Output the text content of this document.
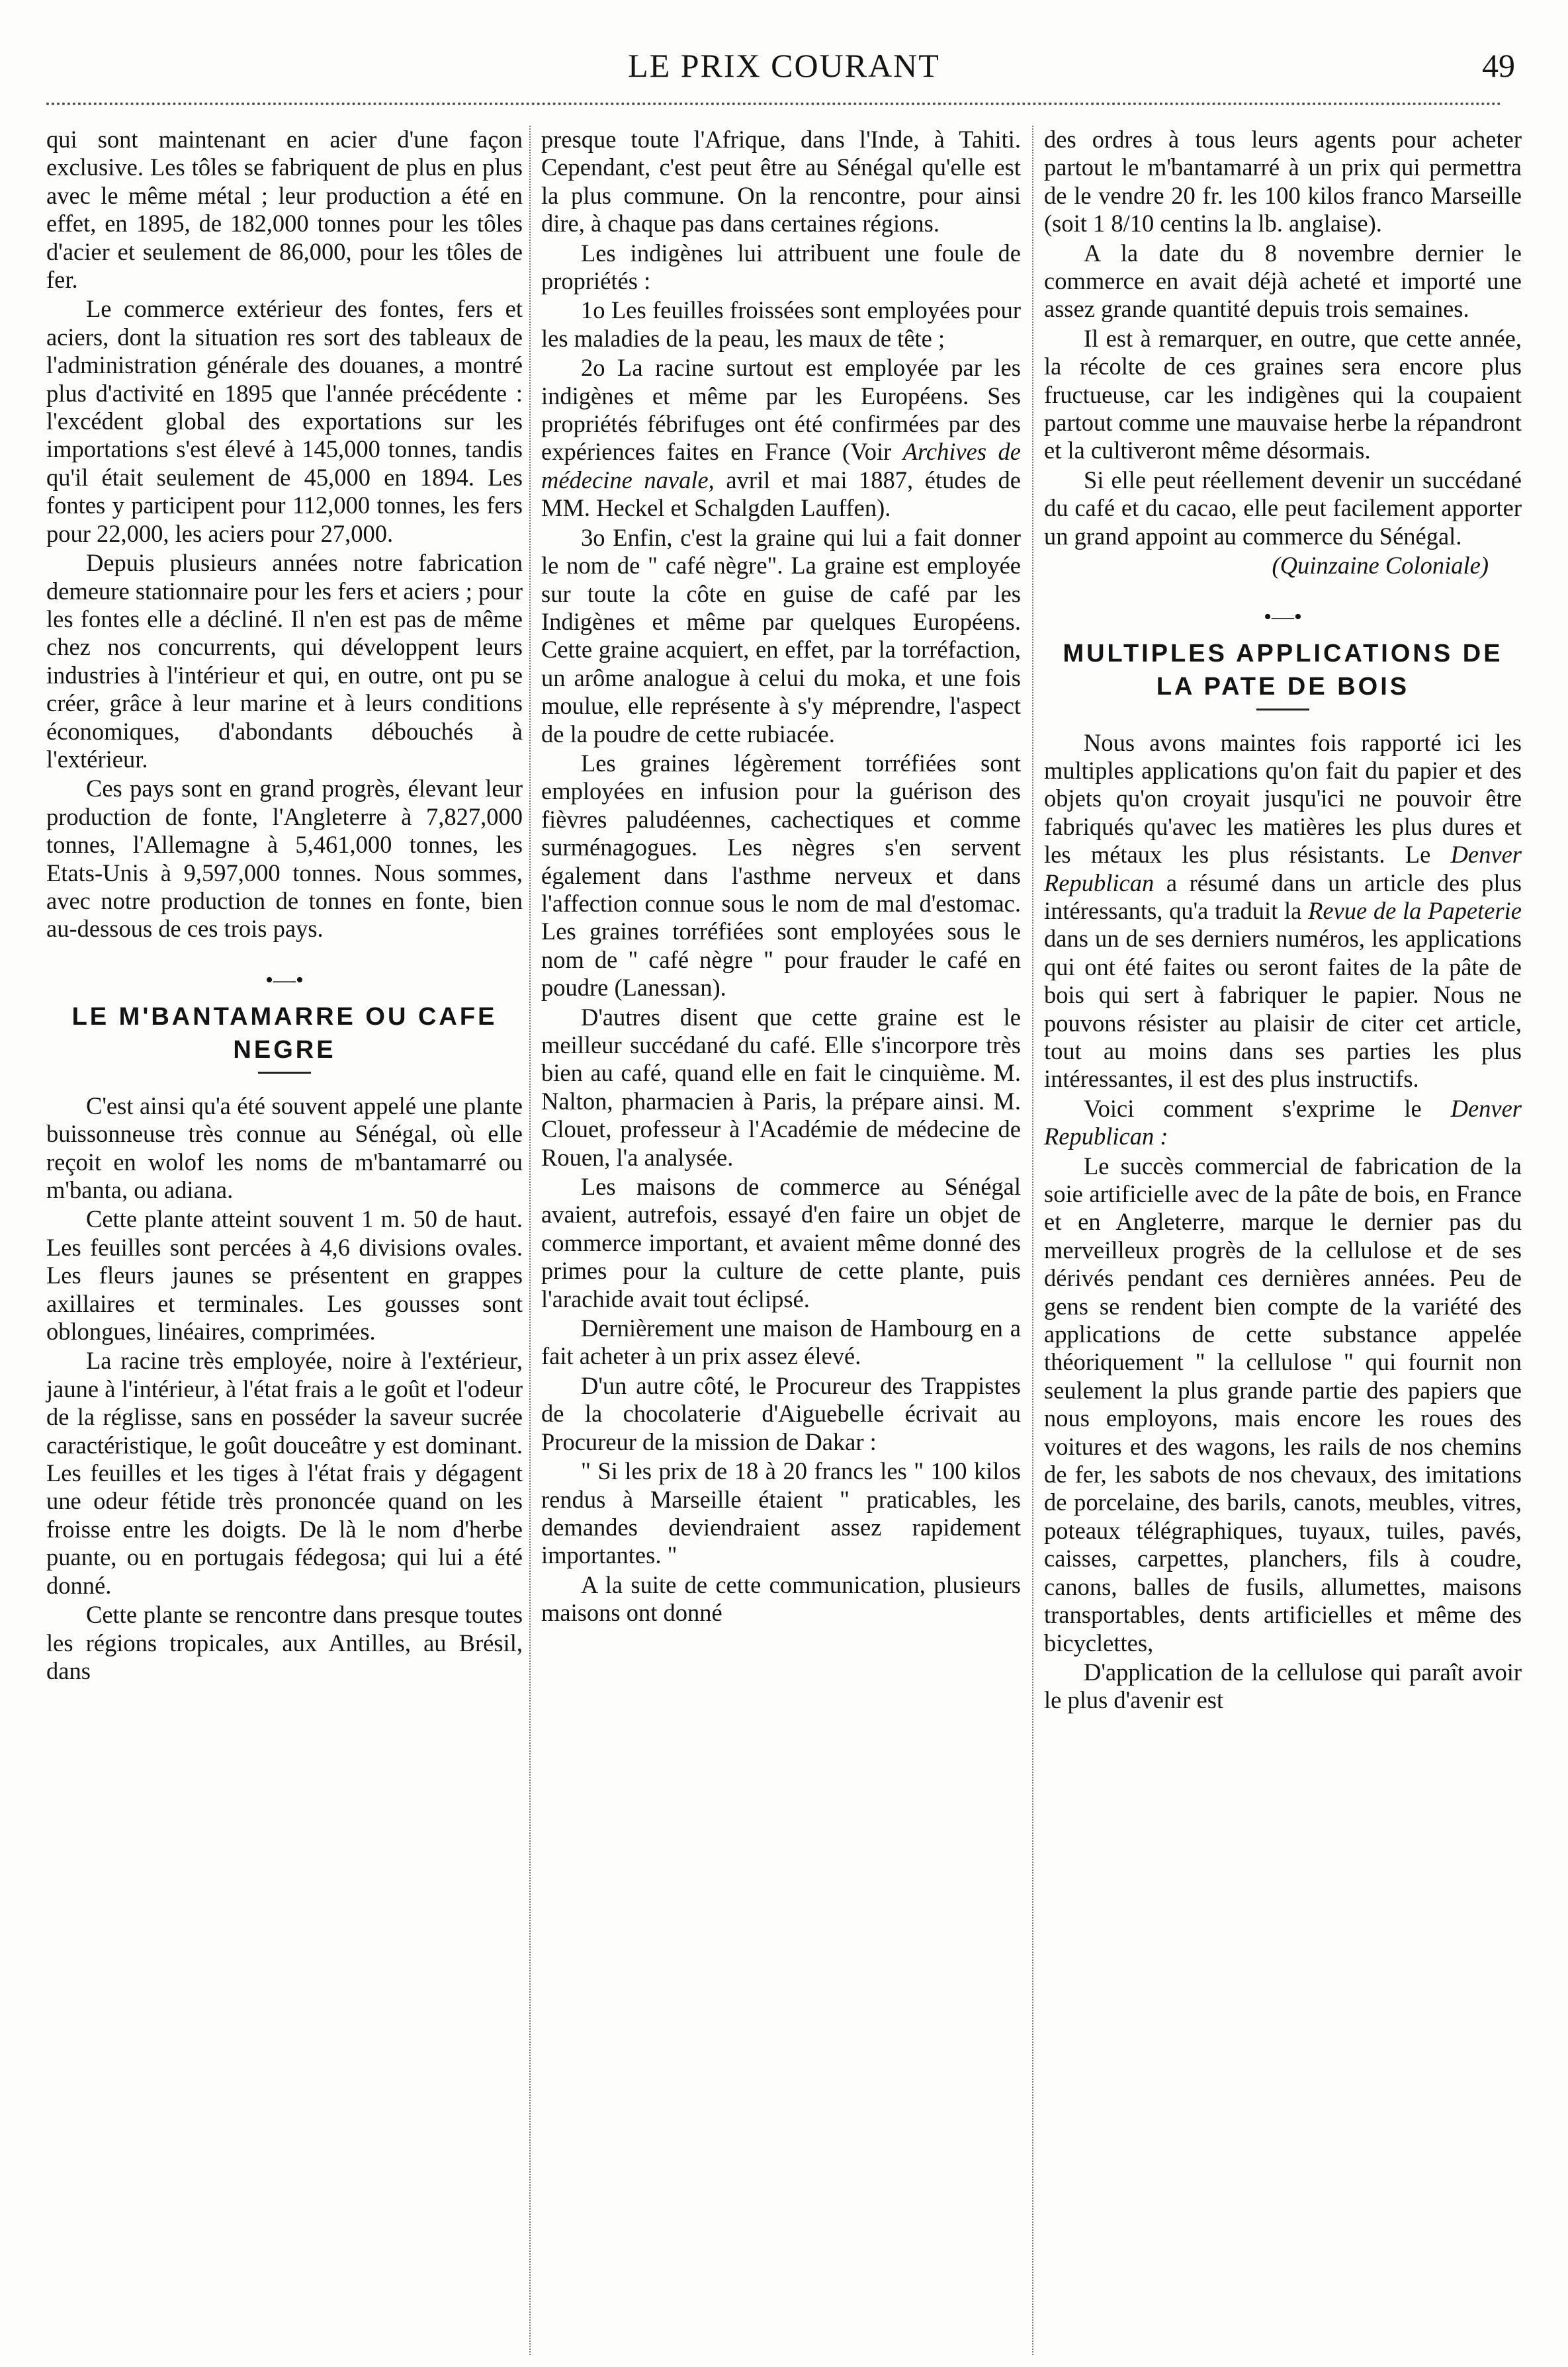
LE PRIX COURANT	49

qui sont maintenant en acier d'une façon exclusive. Les tôles se fabriquent de plus en plus avec le même métal ; leur production a été en effet, en 1895, de 182,000 tonnes pour les tôles d'acier et seulement de 86,000, pour les tôles de fer.

Le commerce extérieur des fontes, fers et aciers, dont la situation res sort des tableaux de l'administration générale des douanes, a montré plus d'activité en 1895 que l'année précédente : l'excédent global des exportations sur les importations s'est élevé à 145,000 tonnes, tandis qu'il était seulement de 45,000 en 1894. Les fontes y participent pour 112,000 tonnes, les fers pour 22,000, les aciers pour 27,000.

Depuis plusieurs années notre fabrication demeure stationnaire pour les fers et aciers ; pour les fontes elle a décliné. Il n'en est pas de même chez nos concurrents, qui développent leurs industries à l'intérieur et qui, en outre, ont pu se créer, grâce à leur marine et à leurs conditions économiques, d'abondants débouchés à l'extérieur.

Ces pays sont en grand progrès, élevant leur production de fonte, l'Angleterre à 7,827,000 tonnes, l'Allemagne à 5,461,000 tonnes, les Etats-Unis à 9,597,000 tonnes. Nous sommes, avec notre production de tonnes en fonte, bien au-dessous de ces trois pays.

•—•
LE M'BANTAMARRE OU CAFE NEGRE

C'est ainsi qu'a été souvent appelé une plante buissonneuse très connue au Sénégal, où elle reçoit en wolof les noms de m'bantamarré ou m'banta, ou adiana.

Cette plante atteint souvent 1 m. 50 de haut. Les feuilles sont percées à 4,6 divisions ovales. Les fleurs jaunes se présentent en grappes axillaires et terminales. Les gousses sont oblongues, linéaires, comprimées.

La racine très employée, noire à l'extérieur, jaune à l'intérieur, à l'état frais a le goût et l'odeur de la réglisse, sans en posséder la saveur sucrée caractéristique, le goût douceâtre y est dominant. Les feuilles et les tiges à l'état frais y dégagent une odeur fétide très prononcée quand on les froisse entre les doigts. De là le nom d'herbe puante, ou en portugais fédegosa; qui lui a été donné.

Cette plante se rencontre dans presque toutes les régions tropicales, aux Antilles, au Brésil, dans

presque toute l'Afrique, dans l'Inde, à Tahiti. Cependant, c'est peut être au Sénégal qu'elle est la plus commune. On la rencontre, pour ainsi dire, à chaque pas dans certaines régions.

Les indigènes lui attribuent une foule de propriétés :

1o Les feuilles froissées sont employées pour les maladies de la peau, les maux de tête ;

2o La racine surtout est employée par les indigènes et même par les Européens. Ses propriétés fébrifuges ont été confirmées par des expériences faites en France (Voir Archives de médecine navale, avril et mai 1887, études de MM. Heckel et Schalgden Lauffen).

3o Enfin, c'est la graine qui lui a fait donner le nom de " café nègre". La graine est employée sur toute la côte en guise de café par les Indigènes et même par quelques Européens. Cette graine acquiert, en effet, par la torréfaction, un arôme analogue à celui du moka, et une fois moulue, elle représente à s'y méprendre, l'aspect de la poudre de cette rubiacée.

Les graines légèrement torréfiées sont employées en infusion pour la guérison des fièvres paludéennes, cachectiques et comme surménagogues. Les nègres s'en servent également dans l'asthme nerveux et dans l'affection connue sous le nom de mal d'estomac. Les graines torréfiées sont employées sous le nom de " café nègre " pour frauder le café en poudre (Lanessan).

D'autres disent que cette graine est le meilleur succédané du café. Elle s'incorpore très bien au café, quand elle en fait le cinquième. M. Nalton, pharmacien à Paris, la prépare ainsi. M. Clouet, professeur à l'Académie de médecine de Rouen, l'a analysée.

Les maisons de commerce au Sénégal avaient, autrefois, essayé d'en faire un objet de commerce important, et avaient même donné des primes pour la culture de cette plante, puis l'arachide avait tout éclipsé.

Dernièrement une maison de Hambourg en a fait acheter à un prix assez élevé.

D'un autre côté, le Procureur des Trappistes de la chocolaterie d'Aiguebelle écrivait au Procureur de la mission de Dakar :

" Si les prix de 18 à 20 francs les " 100 kilos rendus à Marseille étaient " praticables, les demandes deviendraient assez rapidement importantes. "

A la suite de cette communication, plusieurs maisons ont donné

des ordres à tous leurs agents pour acheter partout le m'bantamarré à un prix qui permettra de le vendre 20 fr. les 100 kilos franco Marseille (soit 1 8/10 centins la lb. anglaise).

A la date du 8 novembre dernier le commerce en avait déjà acheté et importé une assez grande quantité depuis trois semaines.

Il est à remarquer, en outre, que cette année, la récolte de ces graines sera encore plus fructueuse, car les indigènes qui la coupaient partout comme une mauvaise herbe la répandront et la cultiveront même désormais.

Si elle peut réellement devenir un succédané du café et du cacao, elle peut facilement apporter un grand appoint au commerce du Sénégal.

(Quinzaine Coloniale)

•—•
MULTIPLES APPLICATIONS DE LA PATE DE BOIS

Nous avons maintes fois rapporté ici les multiples applications qu'on fait du papier et des objets qu'on croyait jusqu'ici ne pouvoir être fabriqués qu'avec les matières les plus dures et les métaux les plus résistants. Le Denver Republican a résumé dans un article des plus intéressants, qu'a traduit la Revue de la Papeterie dans un de ses derniers numéros, les applications qui ont été faites ou seront faites de la pâte de bois qui sert à fabriquer le papier. Nous ne pouvons résister au plaisir de citer cet article, tout au moins dans ses parties les plus intéressantes, il est des plus instructifs.

Voici comment s'exprime le Denver Republican :

Le succès commercial de fabrication de la soie artificielle avec de la pâte de bois, en France et en Angleterre, marque le dernier pas du merveilleux progrès de la cellulose et de ses dérivés pendant ces dernières années. Peu de gens se rendent bien compte de la variété des applications de cette substance appelée théoriquement " la cellulose " qui fournit non seulement la plus grande partie des papiers que nous employons, mais encore les roues des voitures et des wagons, les rails de nos chemins de fer, les sabots de nos chevaux, des imitations de porcelaine, des barils, canots, meubles, vitres, poteaux télégraphiques, tuyaux, tuiles, pavés, caisses, carpettes, planchers, fils à coudre, canons, balles de fusils, allumettes, maisons transportables, dents artificielles et même des bicyclettes,

D'application de la cellulose qui paraît avoir le plus d'avenir est
